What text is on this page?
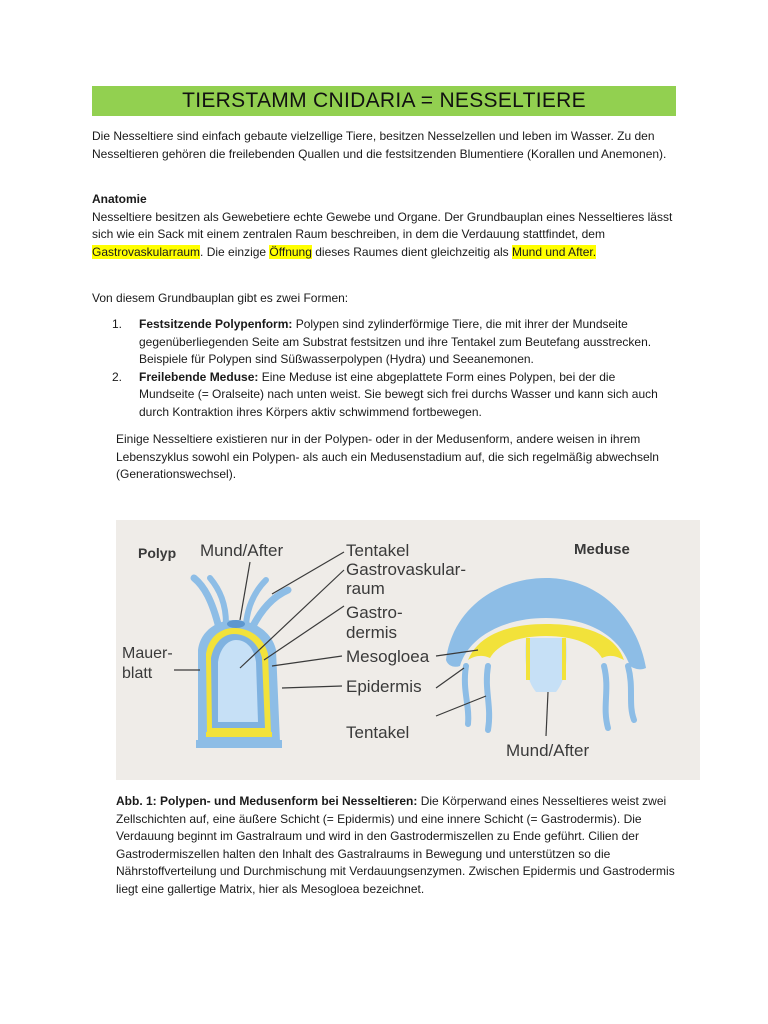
TIERSTAMM CNIDARIA = NESSELTIERE
Die Nesseltiere sind einfach gebaute vielzellige Tiere, besitzen Nesselzellen und leben im Wasser. Zu den Nesseltieren gehören die freilebenden Quallen und die festsitzenden Blumentiere (Korallen und Anemonen).
Anatomie
Nesseltiere besitzen als Gewebetiere echte Gewebe und Organe. Der Grundbauplan eines Nesseltieres lässt sich wie ein Sack mit einem zentralen Raum beschreiben, in dem die Verdauung stattfindet, dem Gastrovaskularraum. Die einzige Öffnung dieses Raumes dient gleichzeitig als Mund und After.
Von diesem Grundbauplan gibt es zwei Formen:
1. Festsitzende Polypenform: Polypen sind zylinderförmige Tiere, die mit ihrer der Mundseite gegenüberliegenden Seite am Substrat festsitzen und ihre Tentakel zum Beutefang ausstrecken. Beispiele für Polypen sind Süßwasserpolypen (Hydra) und Seeanemonen.
2. Freilebende Meduse: Eine Meduse ist eine abgeplattete Form eines Polypen, bei der die Mundseite (= Oralseite) nach unten weist. Sie bewegt sich frei durchs Wasser und kann sich auch durch Kontraktion ihres Körpers aktiv schwimmend fortbewegen.
Einige Nesseltiere existieren nur in der Polypen- oder in der Medusenform, andere weisen in ihrem Lebenszyklus sowohl ein Polypen- als auch ein Medusenstadium auf, die sich regelmäßig abwechseln (Generationswechsel).
Polyp	Meduse
Mund/After	Tentakel
Gastrovaskular-
raum
Gastro-
dermis
Mesogloea
Epidermis
Mauer-
blatt
Tentakel
Mund/After
Abb. 1: Polypen- und Medusenform bei Nesseltieren: Die Körperwand eines Nesseltieres weist zwei Zellschichten auf, eine äußere Schicht (= Epidermis) und eine innere Schicht (= Gastrodermis). Die Verdauung beginnt im Gastralraum und wird in den Gastrodermiszellen zu Ende geführt. Cilien der Gastrodermiszellen halten den Inhalt des Gastralraums in Bewegung und unterstützen so die Nährstoffverteilung und Durchmischung mit Verdauungsenzymen. Zwischen Epidermis und Gastrodermis liegt eine gallertige Matrix, hier als Mesogloea bezeichnet.
